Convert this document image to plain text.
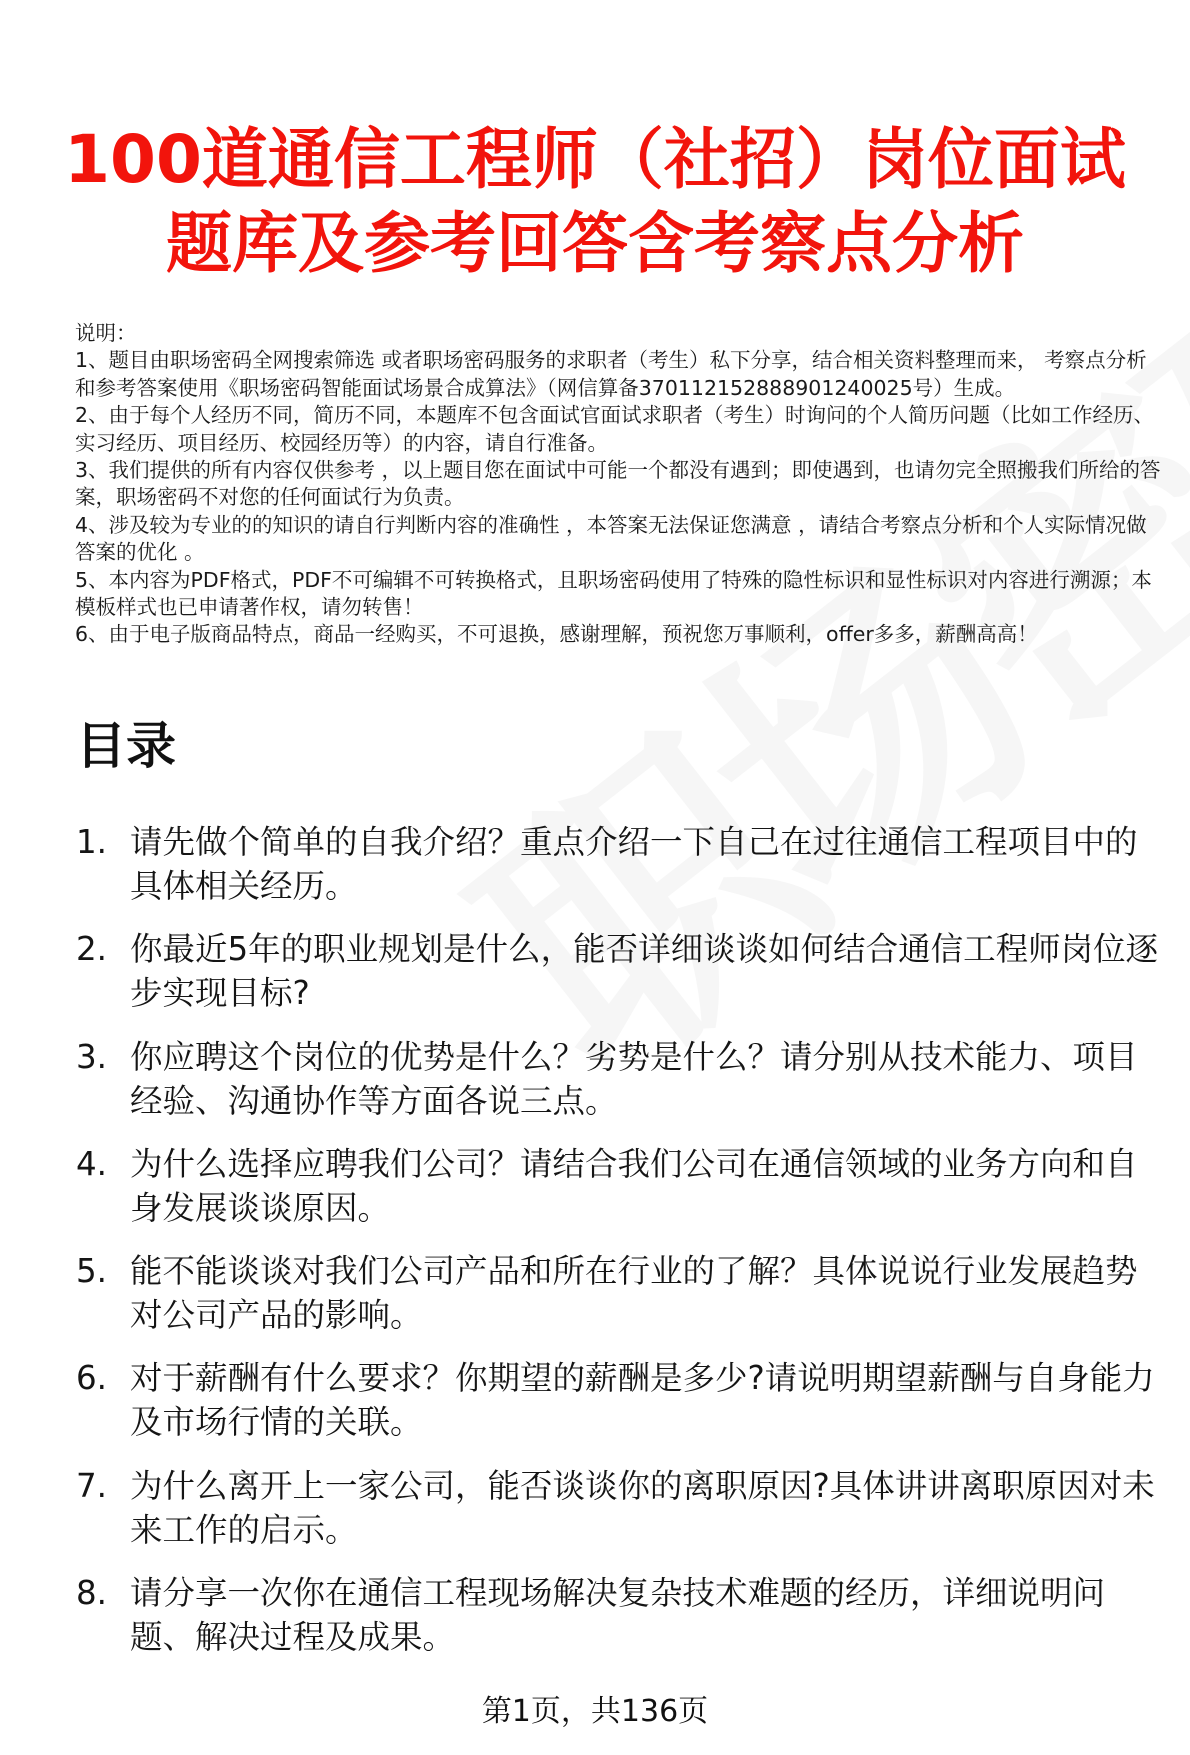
100道通信工程师（社招）岗位面试
题库及参考回答含考察点分析

说明：

1、题目由职场密码全网搜索筛选 或者职场密码服务的求职者（考生）私下分享，结合相关资料整理而来， 考察点分析和参考答案使用《职场密码智能面试场景合成算法》（网信算备370112152888901240025号）生成。

2、由于每个人经历不同，简历不同，本题库不包含面试官面试求职者（考生）时询问的个人简历问题（比如工作经历、实习经历、项目经历、校园经历等）的内容，请自行准备。

3、我们提供的所有内容仅供参考 ，以上题目您在面试中可能一个都没有遇到；即使遇到，也请勿完全照搬我们所给的答案，职场密码不对您的任何面试行为负责。

4、涉及较为专业的的知识的请自行判断内容的准确性 ，本答案无法保证您满意 ，请结合考察点分析和个人实际情况做答案的优化 。

5、本内容为PDF格式，PDF不可编辑不可转换格式，且职场密码使用了特殊的隐性标识和显性标识对内容进行溯源；本模板样式也已申请著作权，请勿转售！

6、由于电子版商品特点，商品一经购买，不可退换，感谢理解，预祝您万事顺利，offer多多，薪酬高高！

目录
1. 请先做个简单的自我介绍？重点介绍一下自己在过往通信工程项目中的具体相关经历。
2. 你最近5年的职业规划是什么，能否详细谈谈如何结合通信工程师岗位逐步实现目标?
3. 你应聘这个岗位的优势是什么？劣势是什么？请分别从技术能力、项目经验、沟通协作等方面各说三点。
4. 为什么选择应聘我们公司？请结合我们公司在通信领域的业务方向和自身发展谈谈原因。
5. 能不能谈谈对我们公司产品和所在行业的了解？具体说说行业发展趋势对公司产品的影响。
6. 对于薪酬有什么要求？你期望的薪酬是多少?请说明期望薪酬与自身能力及市场行情的关联。
7. 为什么离开上一家公司，能否谈谈你的离职原因?具体讲讲离职原因对未来工作的启示。
8. 请分享一次你在通信工程现场解决复杂技术难题的经历，详细说明问题、解决过程及成果。
第1页，共136页
